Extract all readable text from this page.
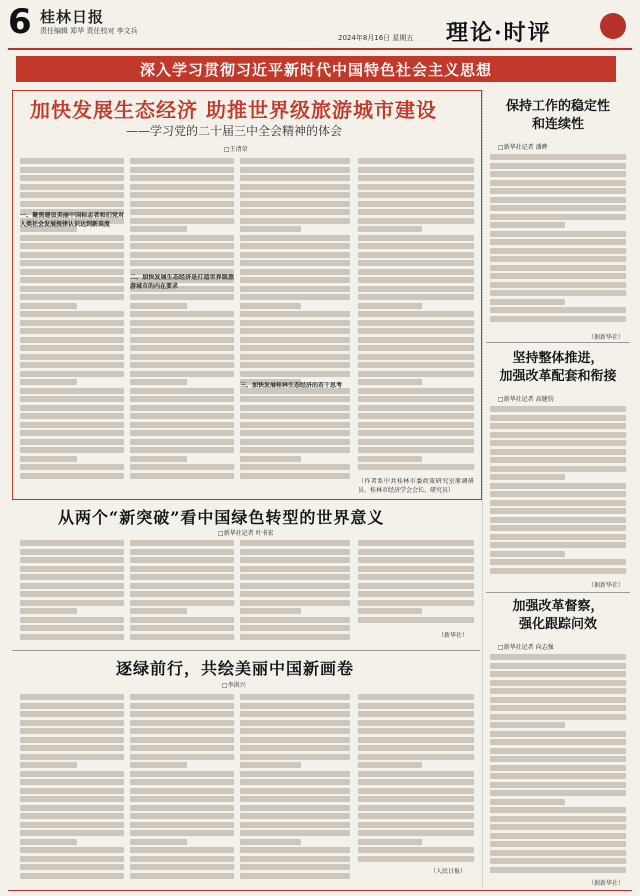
6 桂林日报
责任编辑 郑华 责任校对 李文兵
2024年8月16日 星期五 理论·时评
深入学习贯彻习近平新时代中国特色社会主义思想
加快发展生态经济 助推世界级旅游城市建设
——学习党的二十届三中全会精神的体会
□王清荣
一、聚焦建设美丽中国标志者和们党对人类社会发展规律认识达到新高度
二、加快发展生态经济是打造世界级旅游城市的内在要求
三、加快发展桂林生态经济的若干思考
（作者系中共桂林市委政策研究室原调研员、桂林市经济学会会长、研究员）
从两个“新突破”看中国绿色转型的世界意义
□新华社记者 叶书宏
（新华社）
逐绿前行，共绘美丽中国新画卷
□李洪兴
（人民日报）
保持工作的稳定性
和连续性
□新华社记者 潘晔
（据新华社）
坚持整体推进，
加强改革配套和衔接
□新华社记者 高健钧
（据新华社）
加强改革督察，
强化跟踪问效
□新华社记者 向志强
（据新华社）
